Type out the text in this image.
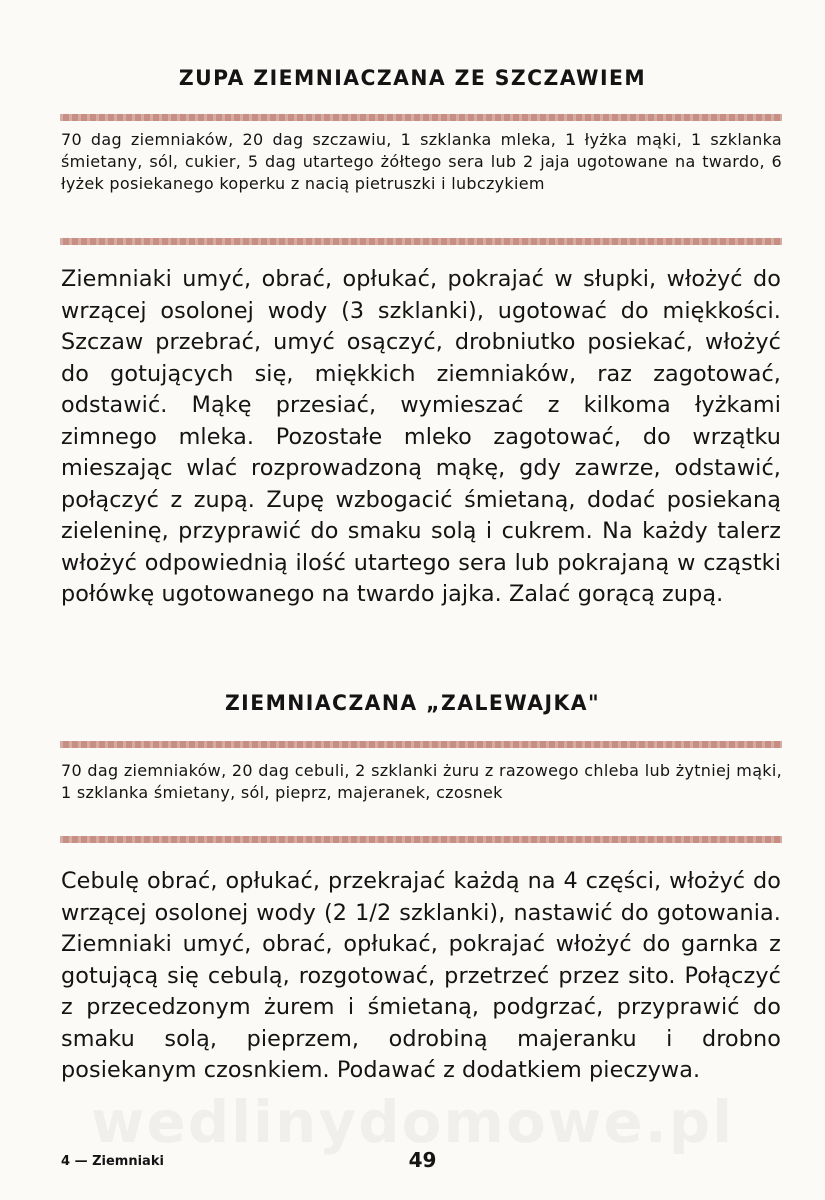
ZUPA ZIEMNIACZANA ZE SZCZAWIEM
70 dag ziemniaków, 20 dag szczawiu, 1 szklanka mleka, 1 łyżka mąki, 1 szklanka śmietany, sól, cukier, 5 dag utartego żółtego sera lub 2 jaja ugotowane na twardo, 6 łyżek posiekanego koperku z nacią pietruszki i lubczykiem
Ziemniaki umyć, obrać, opłukać, pokrajać w słupki, włożyć do wrzącej osolonej wody (3 szklanki), ugotować do miękkości. Szczaw przebrać, umyć osączyć, drobniutko posiekać, włożyć do gotujących się, miękkich ziemniaków, raz zagotować, odstawić. Mąkę przesiać, wymieszać z kilkoma łyżkami zimnego mleka. Pozostałe mleko zagotować, do wrzątku mieszając wlać rozprowadzoną mąkę, gdy zawrze, odstawić, połączyć z zupą. Zupę wzbogacić śmietaną, dodać posiekaną zieleninę, przyprawić do smaku solą i cukrem. Na każdy talerz włożyć odpowiednią ilość utartego sera lub pokrajaną w cząstki połówkę ugotowanego na twardo jajka. Zalać gorącą zupą.
ZIEMNIACZANA „ZALEWAJKA"
70 dag ziemniaków, 20 dag cebuli, 2 szklanki żuru z razowego chleba lub żytniej mąki, 1 szklanka śmietany, sól, pieprz, majeranek, czosnek
Cebulę obrać, opłukać, przekrajać każdą na 4 części, włożyć do wrzącej osolonej wody (2 1/2 szklanki), nastawić do gotowania. Ziemniaki umyć, obrać, opłukać, pokrajać włożyć do garnka z gotującą się cebulą, rozgotować, przetrzeć przez sito. Połączyć z przecedzonym żurem i śmietaną, podgrzać, przyprawić do smaku solą, pieprzem, odrobiną majeranku i drobno posiekanym czosnkiem. Podawać z dodatkiem pieczywa.
4 — Ziemniaki	49
